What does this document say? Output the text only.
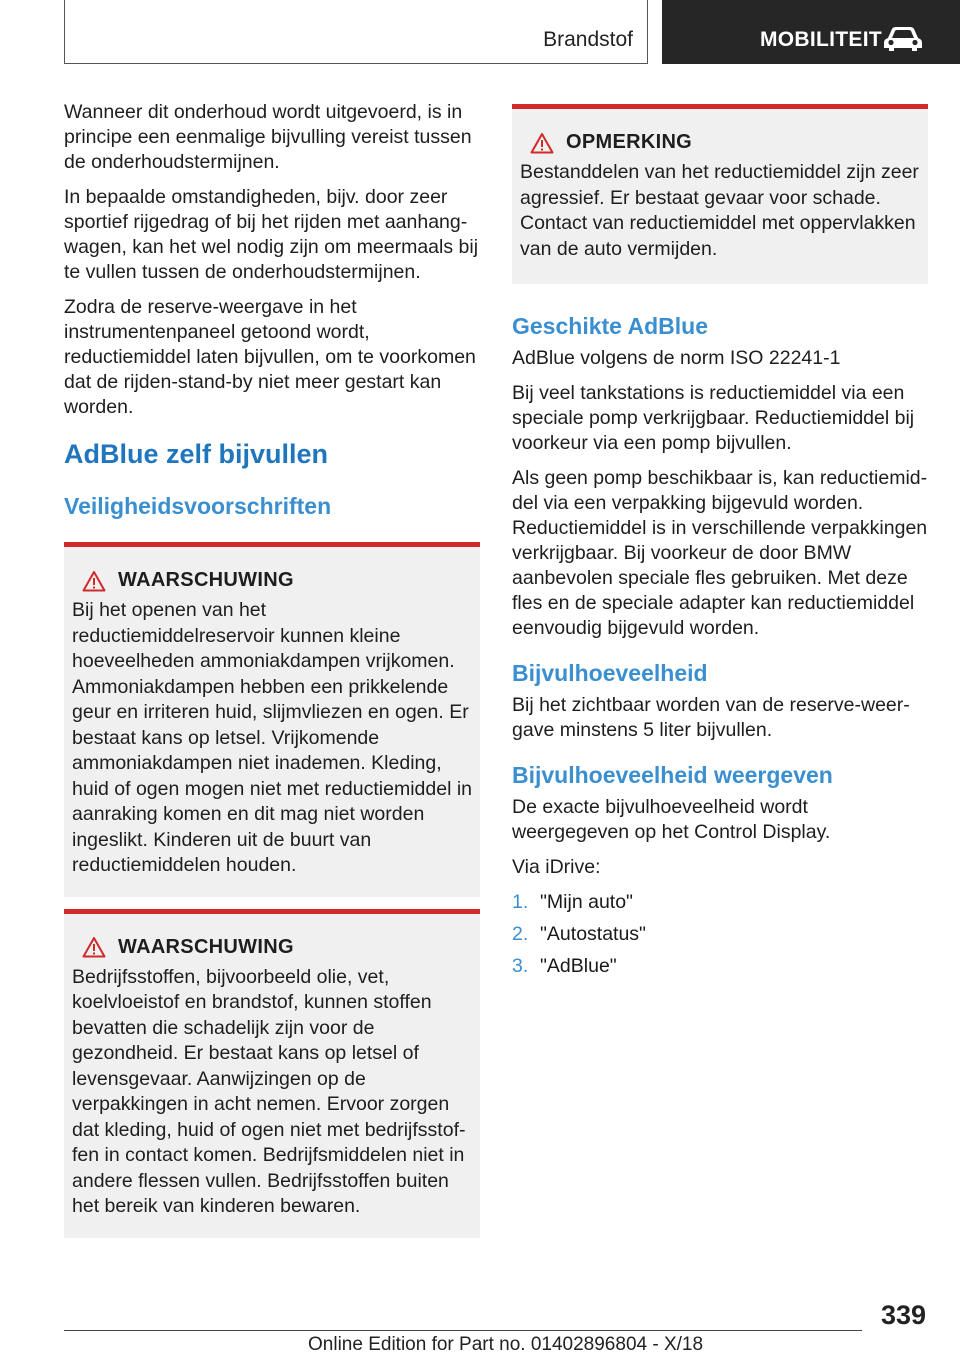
Brandstof	MOBILITEIT

Wanneer dit onderhoud wordt uitgevoerd, is in principe een eenmalige bijvulling vereist tussen de onderhoudstermijnen.

In bepaalde omstandigheden, bijv. door zeer sportief rijgedrag of bij het rijden met aanhangwagen, kan het wel nodig zijn om meermaals bij te vullen tussen de onderhoudstermijnen.

Zodra de reserve-weergave in het instrumentenpaneel getoond wordt, reductiemiddel laten bijvullen, om te voorkomen dat de rijden-stand-by niet meer gestart kan worden.

AdBlue zelf bijvullen
Veiligheidsvoorschriften
WAARSCHUWING

Bij het openen van het reductiemiddelreservoir kunnen kleine hoeveelheden ammoniakdampen vrijkomen. Ammoniakdampen hebben een prikkelende geur en irriteren huid, slijmvliezen en ogen. Er bestaat kans op letsel. Vrijkomende ammoniakdampen niet inademen. Kleding, huid of ogen mogen niet met reductiemiddel in aanraking komen en dit mag niet worden ingeslikt. Kinderen uit de buurt van reductiemiddelen houden.

WAARSCHUWING

Bedrijfsstoffen, bijvoorbeeld olie, vet, koelvloeistof en brandstof, kunnen stoffen bevatten die schadelijk zijn voor de gezondheid. Er bestaat kans op letsel of levensgevaar. Aanwijzingen op de verpakkingen in acht nemen. Ervoor zorgen dat kleding, huid of ogen niet met bedrijfsstoffen in contact komen. Bedrijfsmiddelen niet in andere flessen vullen. Bedrijfsstoffen buiten het bereik van kinderen bewaren.

OPMERKING

Bestanddelen van het reductiemiddel zijn zeer agressief. Er bestaat gevaar voor schade. Contact van reductiemiddel met oppervlakken van de auto vermijden.

Geschikte AdBlue

AdBlue volgens de norm ISO 22241-1

Bij veel tankstations is reductiemiddel via een speciale pomp verkrijgbaar. Reductiemiddel bij voorkeur via een pomp bijvullen.

Als geen pomp beschikbaar is, kan reductiemiddel via een verpakking bijgevuld worden. Reductiemiddel is in verschillende verpakkingen verkrijgbaar. Bij voorkeur de door BMW aanbevolen speciale fles gebruiken. Met deze fles en de speciale adapter kan reductiemiddel eenvoudig bijgevuld worden.

Bijvulhoeveelheid

Bij het zichtbaar worden van de reserve-weergave minstens 5 liter bijvullen.

Bijvulhoeveelheid weergeven

De exacte bijvulhoeveelheid wordt weergegeven op het Control Display.

Via iDrive:

1. "Mijn auto"
2. "Autostatus"
3. "AdBlue"
339
Online Edition for Part no. 01402896804 - X/18
